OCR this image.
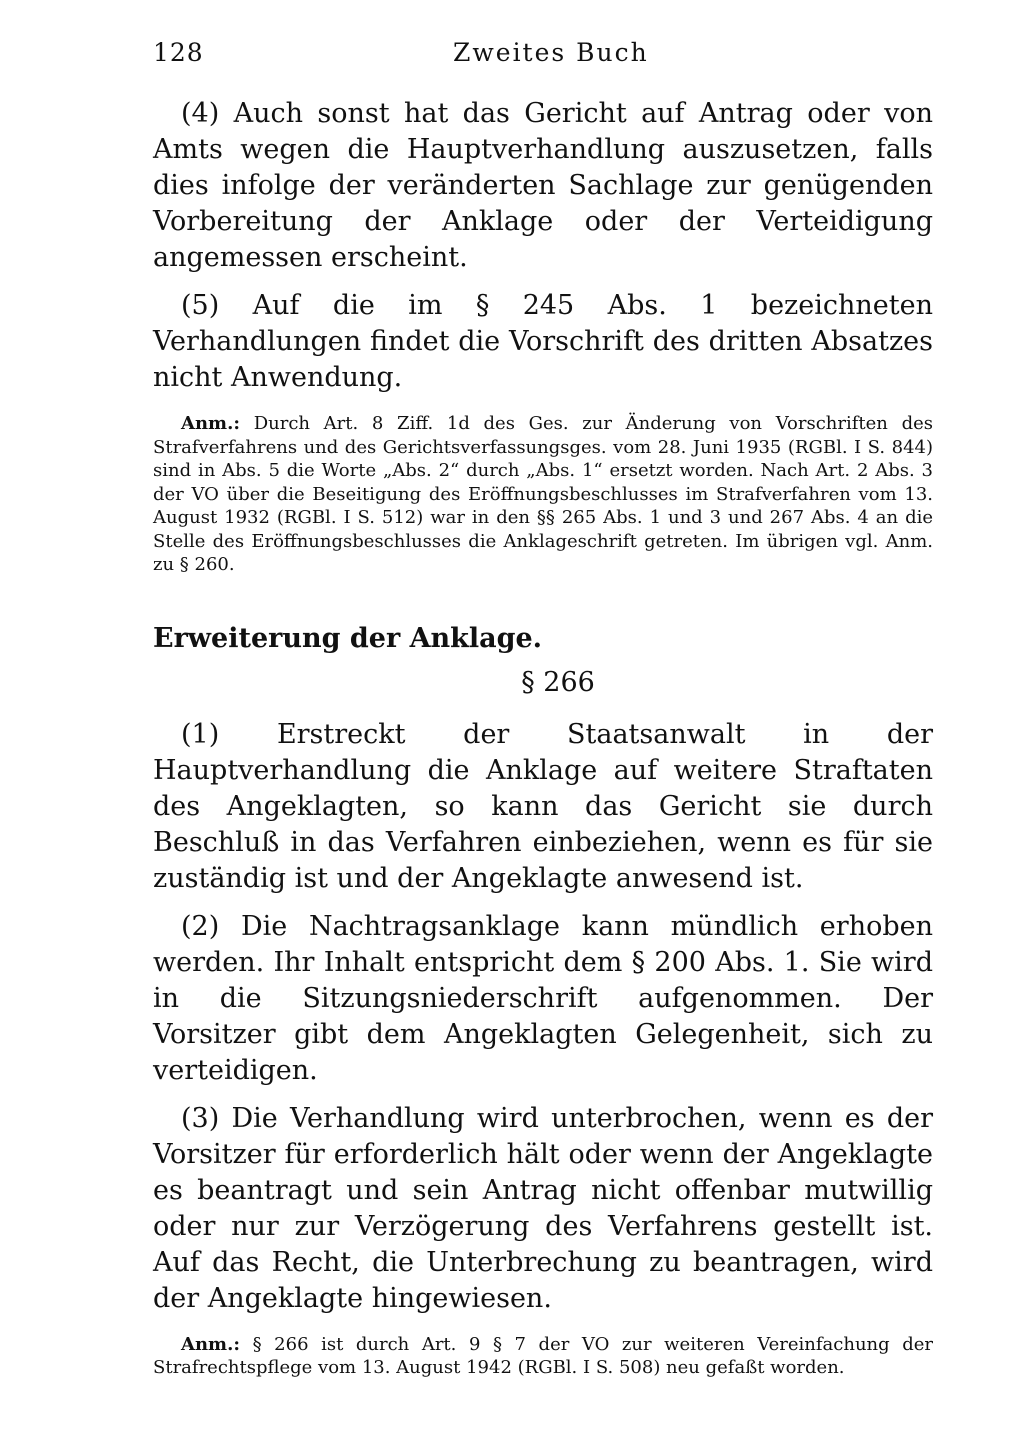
128	Zweites Buch

(4) Auch sonst hat das Gericht auf Antrag oder von Amts wegen die Hauptverhandlung auszusetzen, falls dies infolge der veränderten Sachlage zur genügenden Vorbereitung der Anklage oder der Verteidigung angemessen erscheint.

(5) Auf die im § 245 Abs. 1 bezeichneten Verhandlungen findet die Vorschrift des dritten Absatzes nicht Anwendung.

Anm.: Durch Art. 8 Ziff. 1d des Ges. zur Änderung von Vorschriften des Strafverfahrens und des Gerichtsverfassungsges. vom 28. Juni 1935 (RGBl. I S. 844) sind in Abs. 5 die Worte „Abs. 2“ durch „Abs. 1“ ersetzt worden. Nach Art. 2 Abs. 3 der VO über die Beseitigung des Eröffnungsbeschlusses im Strafverfahren vom 13. August 1932 (RGBl. I S. 512) war in den §§ 265 Abs. 1 und 3 und 267 Abs. 4 an die Stelle des Eröffnungsbeschlusses die Anklageschrift getreten. Im übrigen vgl. Anm. zu § 260.

Erweiterung der Anklage.
§ 266

(1) Erstreckt der Staatsanwalt in der Hauptverhandlung die Anklage auf weitere Straftaten des Angeklagten, so kann das Gericht sie durch Beschluß in das Verfahren einbeziehen, wenn es für sie zuständig ist und der Angeklagte anwesend ist.

(2) Die Nachtragsanklage kann mündlich erhoben werden. Ihr Inhalt entspricht dem § 200 Abs. 1. Sie wird in die Sitzungsniederschrift aufgenommen. Der Vorsitzer gibt dem Angeklagten Gelegenheit, sich zu verteidigen.

(3) Die Verhandlung wird unterbrochen, wenn es der Vorsitzer für erforderlich hält oder wenn der Angeklagte es beantragt und sein Antrag nicht offenbar mutwillig oder nur zur Verzögerung des Verfahrens gestellt ist. Auf das Recht, die Unterbrechung zu beantragen, wird der Angeklagte hingewiesen.

Anm.: § 266 ist durch Art. 9 § 7 der VO zur weiteren Vereinfachung der Strafrechtspflege vom 13. August 1942 (RGBl. I S. 508) neu gefaßt worden.
